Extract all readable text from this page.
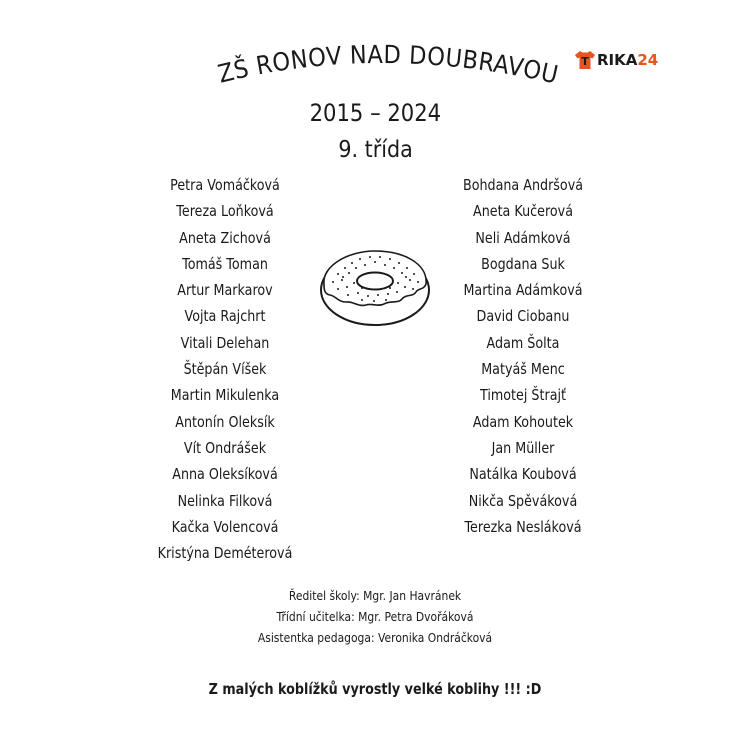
ZŠ RONOV NAD DOUBRAVOU T RIKA 24
2015 – 2024
9. třída
Petra Vomáčková
Tereza Loňková
Aneta Zichová
Tomáš Toman
Artur Markarov
Vojta Rajchrt
Vitali Delehan
Štěpán Víšek
Martin Mikulenka
Antonín Oleksík
Vít Ondrášek
Anna Oleksíková
Nelinka Filková
Kačka Volencová
Kristýna Deméterová
Bohdana Andršová
Aneta Kučerová
Neli Adámková
Bogdana Suk
Martina Adámková
David Ciobanu
Adam Šolta
Matyáš Menc
Timotej Štrajť
Adam Kohoutek
Jan Müller
Natálka Koubová
Nikča Spěváková
Terezka Nesláková
Ředitel školy: Mgr. Jan Havránek
Třídní učitelka: Mgr. Petra Dvořáková
Asistentka pedagoga: Veronika Ondráčková
Z malých koblížků vyrostly velké koblihy !!! :D
